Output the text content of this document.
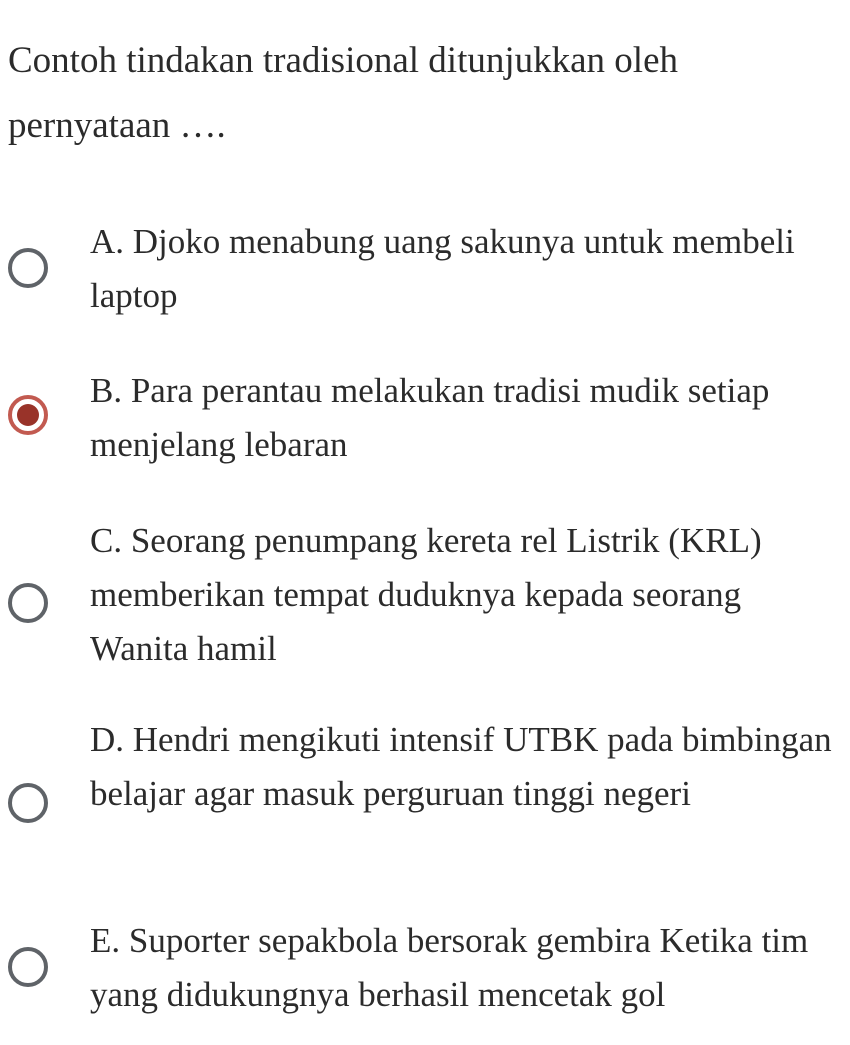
Contoh tindakan tradisional ditunjukkan oleh pernyataan ….

A. Djoko menabung uang sakunya untuk membeli laptop

B. Para perantau melakukan tradisi mudik setiap menjelang lebaran

C. Seorang penumpang kereta rel Listrik (KRL) memberikan tempat duduknya kepada seorang Wanita hamil

D. Hendri mengikuti intensif UTBK pada bimbingan belajar agar masuk perguruan tinggi negeri

E. Suporter sepakbola bersorak gembira Ketika tim yang didukungnya berhasil mencetak gol
